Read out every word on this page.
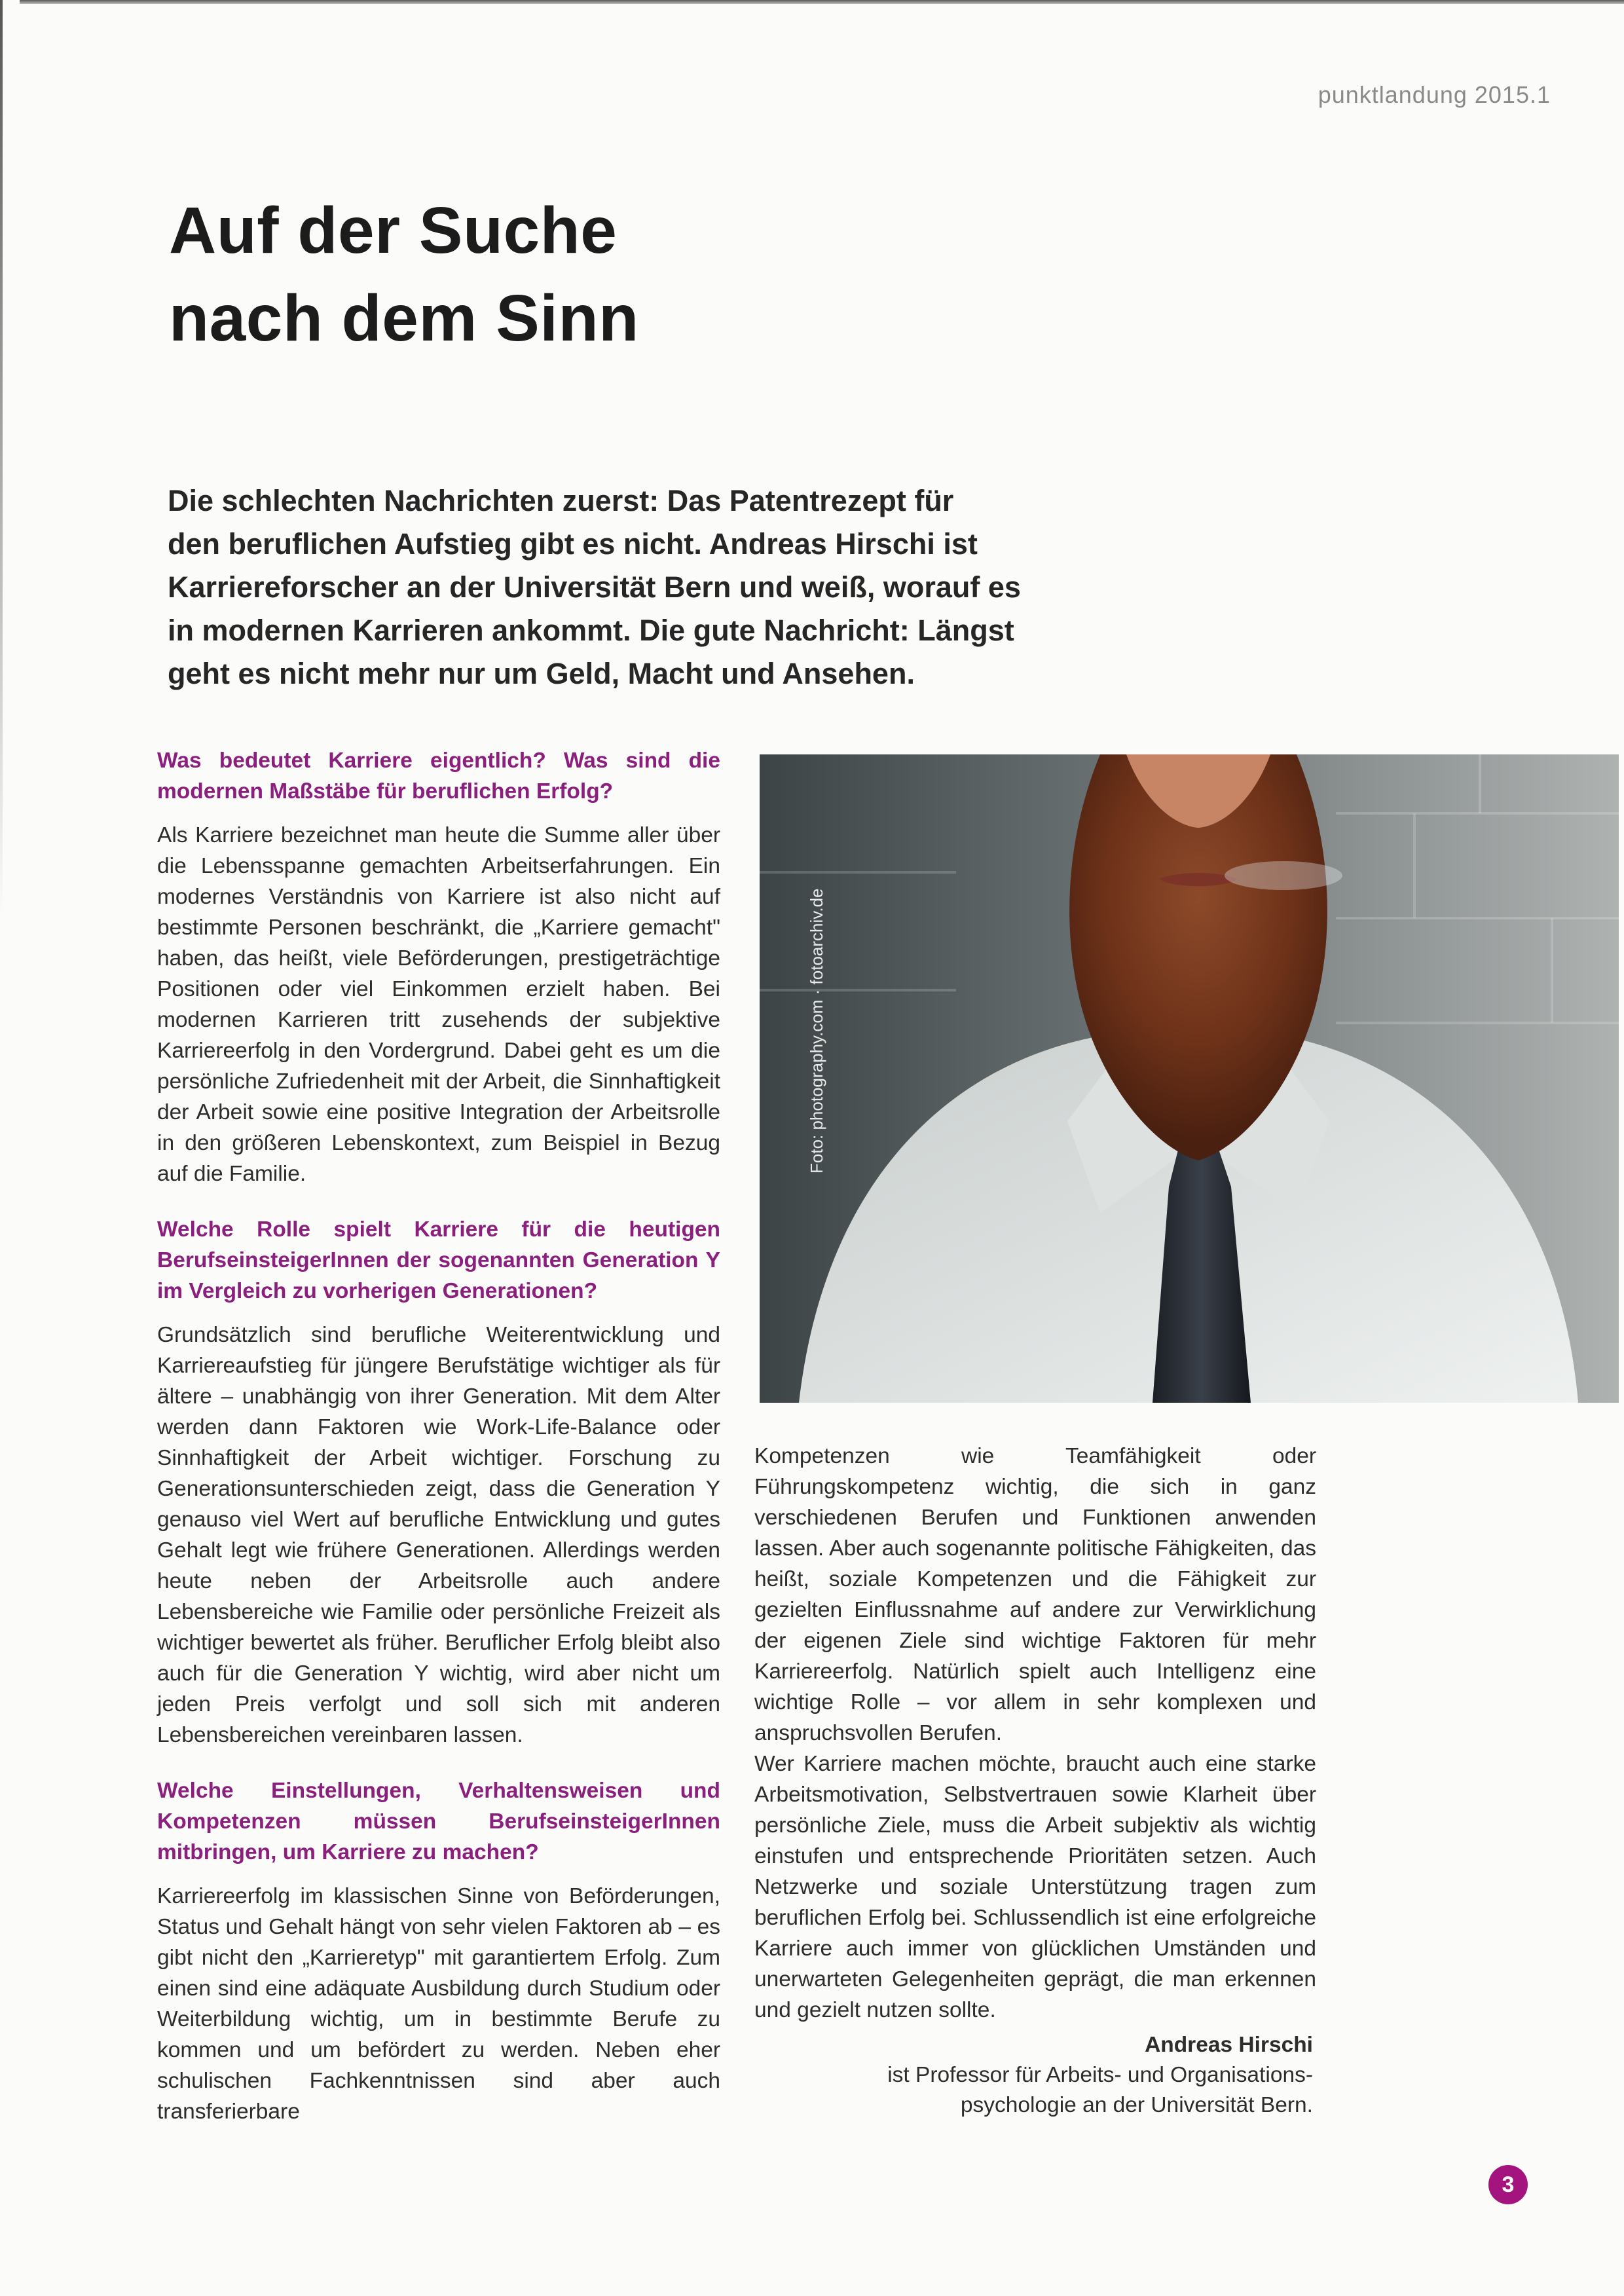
punktlandung 2015.1
Auf der Suche
nach dem Sinn
Die schlechten Nachrichten zuerst: Das Patentrezept für
den beruflichen Aufstieg gibt es nicht. Andreas Hirschi ist
Karriereforscher an der Universität Bern und weiß, worauf es
in modernen Karrieren ankommt. Die gute Nachricht: Längst
geht es nicht mehr nur um Geld, Macht und Ansehen.
Was bedeutet Karriere eigentlich? Was sind die modernen Maßstäbe für beruflichen Erfolg?
Als Karriere bezeichnet man heute die Summe aller über die Lebensspanne gemachten Arbeitserfahrungen. Ein modernes Verständnis von Karriere ist also nicht auf bestimmte Personen beschränkt, die „Karriere gemacht" haben, das heißt, viele Beförderungen, prestigeträchtige Positionen oder viel Einkommen erzielt haben. Bei modernen Karrieren tritt zusehends der subjektive Karriereerfolg in den Vordergrund. Dabei geht es um die persönliche Zufriedenheit mit der Arbeit, die Sinnhaftigkeit der Arbeit sowie eine positive Integration der Arbeitsrolle in den größeren Lebenskontext, zum Beispiel in Bezug auf die Familie.
Welche Rolle spielt Karriere für die heutigen BerufseinsteigerInnen der sogenannten Generation Y im Vergleich zu vorherigen Generationen?
Grundsätzlich sind berufliche Weiterentwicklung und Karriereaufstieg für jüngere Berufstätige wichtiger als für ältere – unabhängig von ihrer Generation. Mit dem Alter werden dann Faktoren wie Work-Life-Balance oder Sinnhaftigkeit der Arbeit wichtiger. Forschung zu Generationsunterschieden zeigt, dass die Generation Y genauso viel Wert auf berufliche Entwicklung und gutes Gehalt legt wie frühere Generationen. Allerdings werden heute neben der Arbeitsrolle auch andere Lebensbereiche wie Familie oder persönliche Freizeit als wichtiger bewertet als früher. Beruflicher Erfolg bleibt also auch für die Generation Y wichtig, wird aber nicht um jeden Preis verfolgt und soll sich mit anderen Lebensbereichen vereinbaren lassen.
Welche Einstellungen, Verhaltensweisen und Kompetenzen müssen BerufseinsteigerInnen mitbringen, um Karriere zu machen?
Karriereerfolg im klassischen Sinne von Beförderungen, Status und Gehalt hängt von sehr vielen Faktoren ab – es gibt nicht den „Karrieretyp" mit garantiertem Erfolg. Zum einen sind eine adäquate Ausbildung durch Studium oder Weiterbildung wichtig, um in bestimmte Berufe zu kommen und um befördert zu werden. Neben eher schulischen Fachkenntnissen sind aber auch transferierbare
Foto: photography.com · fotoarchiv.de
Kompetenzen wie Teamfähigkeit oder Führungskompetenz wichtig, die sich in ganz verschiedenen Berufen und Funktionen anwenden lassen. Aber auch sogenannte politische Fähigkeiten, das heißt, soziale Kompetenzen und die Fähigkeit zur gezielten Einflussnahme auf andere zur Verwirklichung der eigenen Ziele sind wichtige Faktoren für mehr Karriereerfolg. Natürlich spielt auch Intelligenz eine wichtige Rolle – vor allem in sehr komplexen und anspruchsvollen Berufen.
Wer Karriere machen möchte, braucht auch eine starke Arbeitsmotivation, Selbstvertrauen sowie Klarheit über persönliche Ziele, muss die Arbeit subjektiv als wichtig einstufen und entsprechende Prioritäten setzen. Auch Netzwerke und soziale Unterstützung tragen zum beruflichen Erfolg bei. Schlussendlich ist eine erfolgreiche Karriere auch immer von glücklichen Umständen und unerwarteten Gelegenheiten geprägt, die man erkennen und gezielt nutzen sollte.
Andreas Hirschi
ist Professor für Arbeits- und Organisations-
psychologie an der Universität Bern.
3
